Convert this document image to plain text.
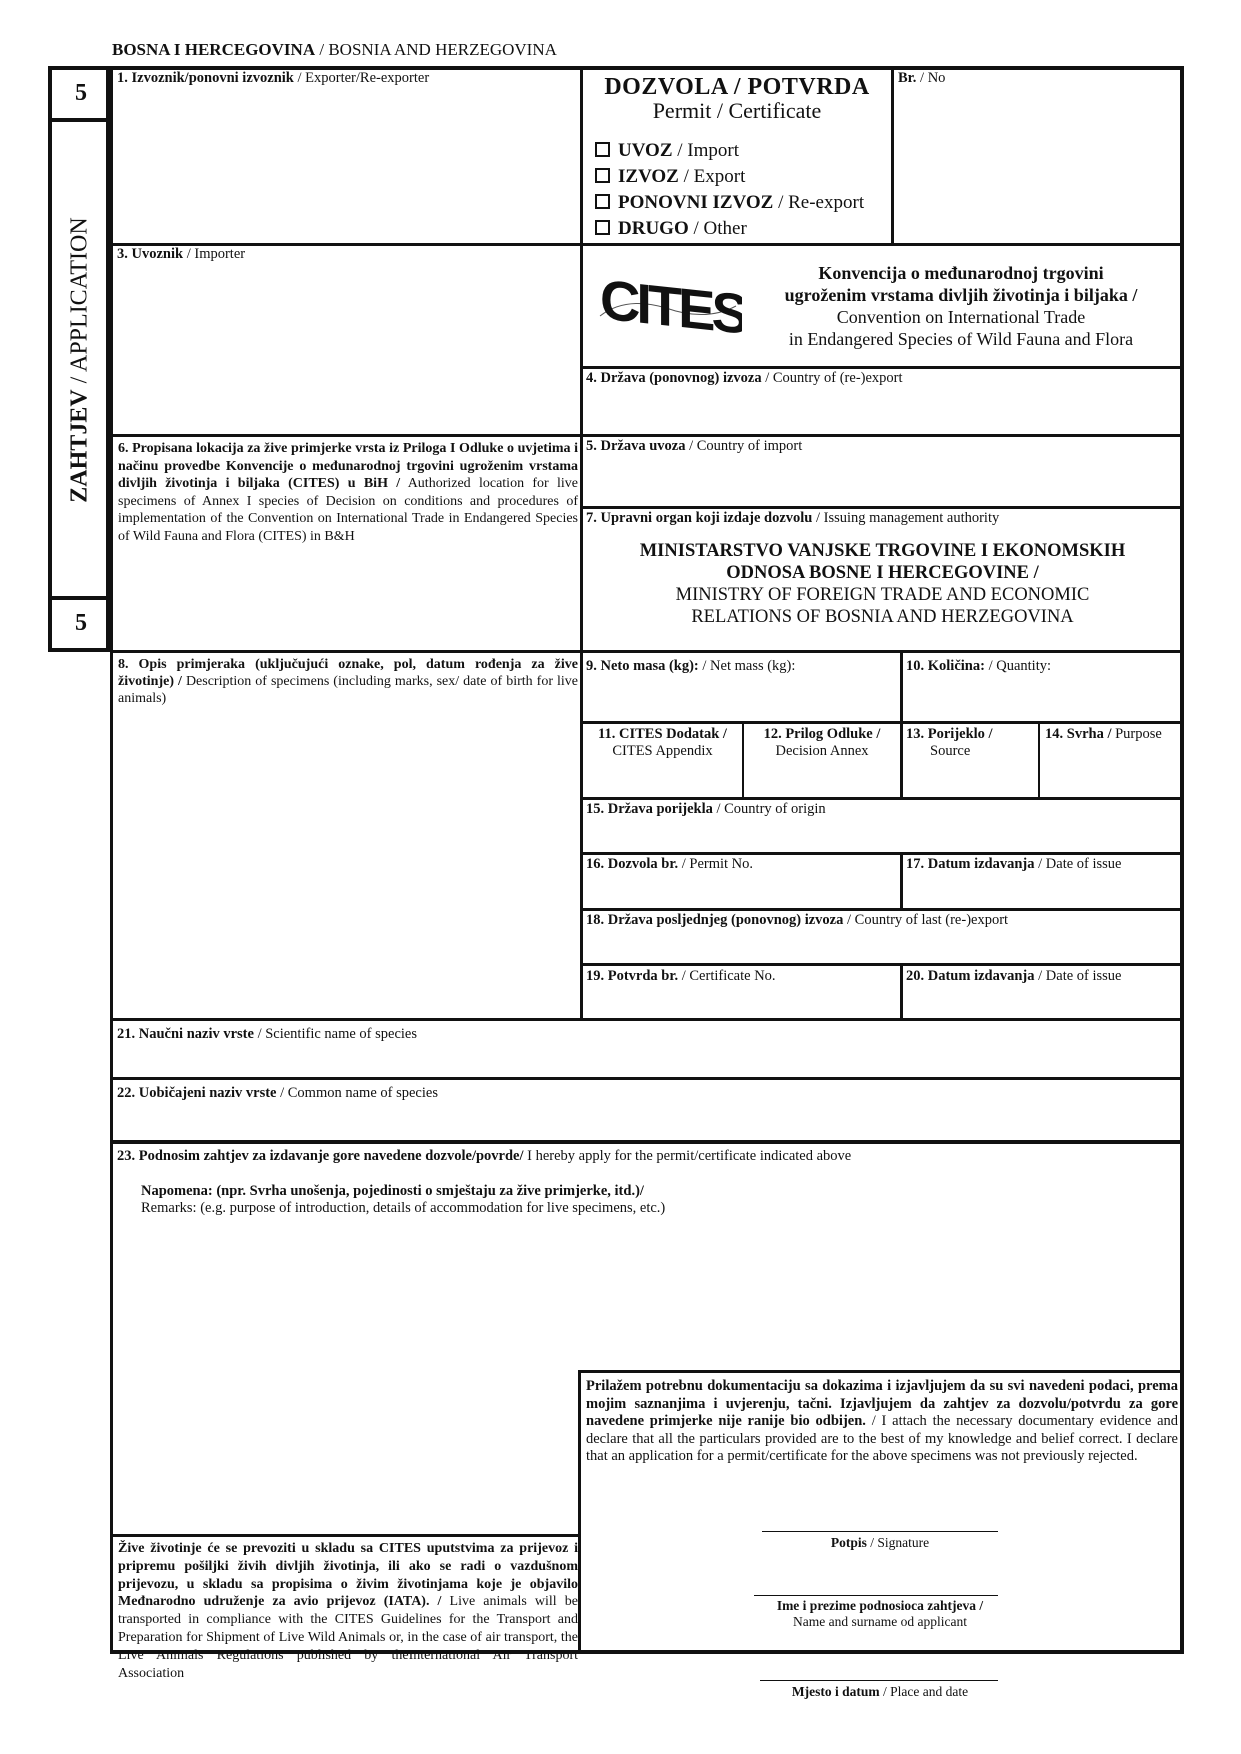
BOSNA I HERCEGOVINA / BOSNIA AND HERZEGOVINA
5
5
ZAHTJEV / APPLICATION
1. Izvoznik/ponovni izvoznik / Exporter/Re-exporter	DOZVOLA / POTVRDA
Permit / Certificate
UVOZ / Import
IZVOZ / Export
PONOVNI IZVOZ / Re-export
DRUGO / Other
Br. / No
3. Uvoznik / Importer
CITES	Konvencija o međunarodnoj trgovini
ugroženim vrstama divljih životinja i biljaka /
Convention on International Trade
in Endangered Species of Wild Fauna and Flora
4. Država (ponovnog) izvoza / Country of (re-)export
5. Država uvoza / Country of import
6. Propisana lokacija za žive primjerke vrsta iz Priloga I Odluke o uvjetima i načinu provedbe Konvencije o međunarodnoj trgovini ugroženim vrstama divljih životinja i biljaka (CITES) u BiH / Authorized location for live specimens of Annex I species of Decision on conditions and procedures of implementation of the Convention on International Trade in Endangered Species of Wild Fauna and Flora (CITES) in B&H
7. Upravni organ koji izdaje dozvolu / Issuing management authority
MINISTARSTVO VANJSKE TRGOVINE I EKONOMSKIH
ODNOSA BOSNE I HERCEGOVINE /
MINISTRY OF FOREIGN TRADE AND ECONOMIC
RELATIONS OF BOSNIA AND HERZEGOVINA
8. Opis primjeraka (uključujući oznake, pol, datum rođenja za žive životinje) / Description of specimens (including marks, sex/ date of birth for live animals)
9. Neto masa (kg): / Net mass (kg):	10. Količina: / Quantity:
11. CITES Dodatak /
CITES Appendix
12. Prilog Odluke /
Decision Annex
13. Porijeklo /
Source
14. Svrha / Purpose
15. Država porijekla / Country of origin
16. Dozvola br. / Permit No.	17. Datum izdavanja / Date of issue
18. Država posljednjeg (ponovnog) izvoza / Country of last (re-)export
19. Potvrda br. / Certificate No.	20. Datum izdavanja / Date of issue
21. Naučni naziv vrste / Scientific name of species
22. Uobičajeni naziv vrste / Common name of species
23. Podnosim zahtjev za izdavanje gore navedene dozvole/povrde/ I hereby apply for the permit/certificate indicated above
Napomena: (npr. Svrha unošenja, pojedinosti o smještaju za žive primjerke, itd.)/
Remarks: (e.g. purpose of introduction, details of accommodation for live specimens, etc.)
Prilažem potrebnu dokumentaciju sa dokazima i izjavljujem da su svi navedeni podaci, prema mojim saznanjima i uvjerenju, tačni. Izjavljujem da zahtjev za dozvolu/potvrdu za gore navedene primjerke nije ranije bio odbijen. / I attach the necessary documentary evidence and declare that all the particulars provided are to the best of my knowledge and belief correct. I declare that an application for a permit/certificate for the above specimens was not previously rejected.
Potpis / Signature
Ime i prezime podnosioca zahtjeva /
Name and surname od applicant
Mjesto i datum / Place and date
Žive životinje će se prevoziti u skladu sa CITES uputstvima za prijevoz i pripremu pošiljki živih divljih životinja, ili ako se radi o vazdušnom prijevozu, u skladu sa propisima o živim životinjama koje je objavilo Međnarodno udruženje za avio prijevoz (IATA). / Live animals will be transported in compliance with the CITES Guidelines for the Transport and Preparation for Shipment of Live Wild Animals or, in the case of air transport, the Live Animals Regulations published by theInternational Air Transport Association
